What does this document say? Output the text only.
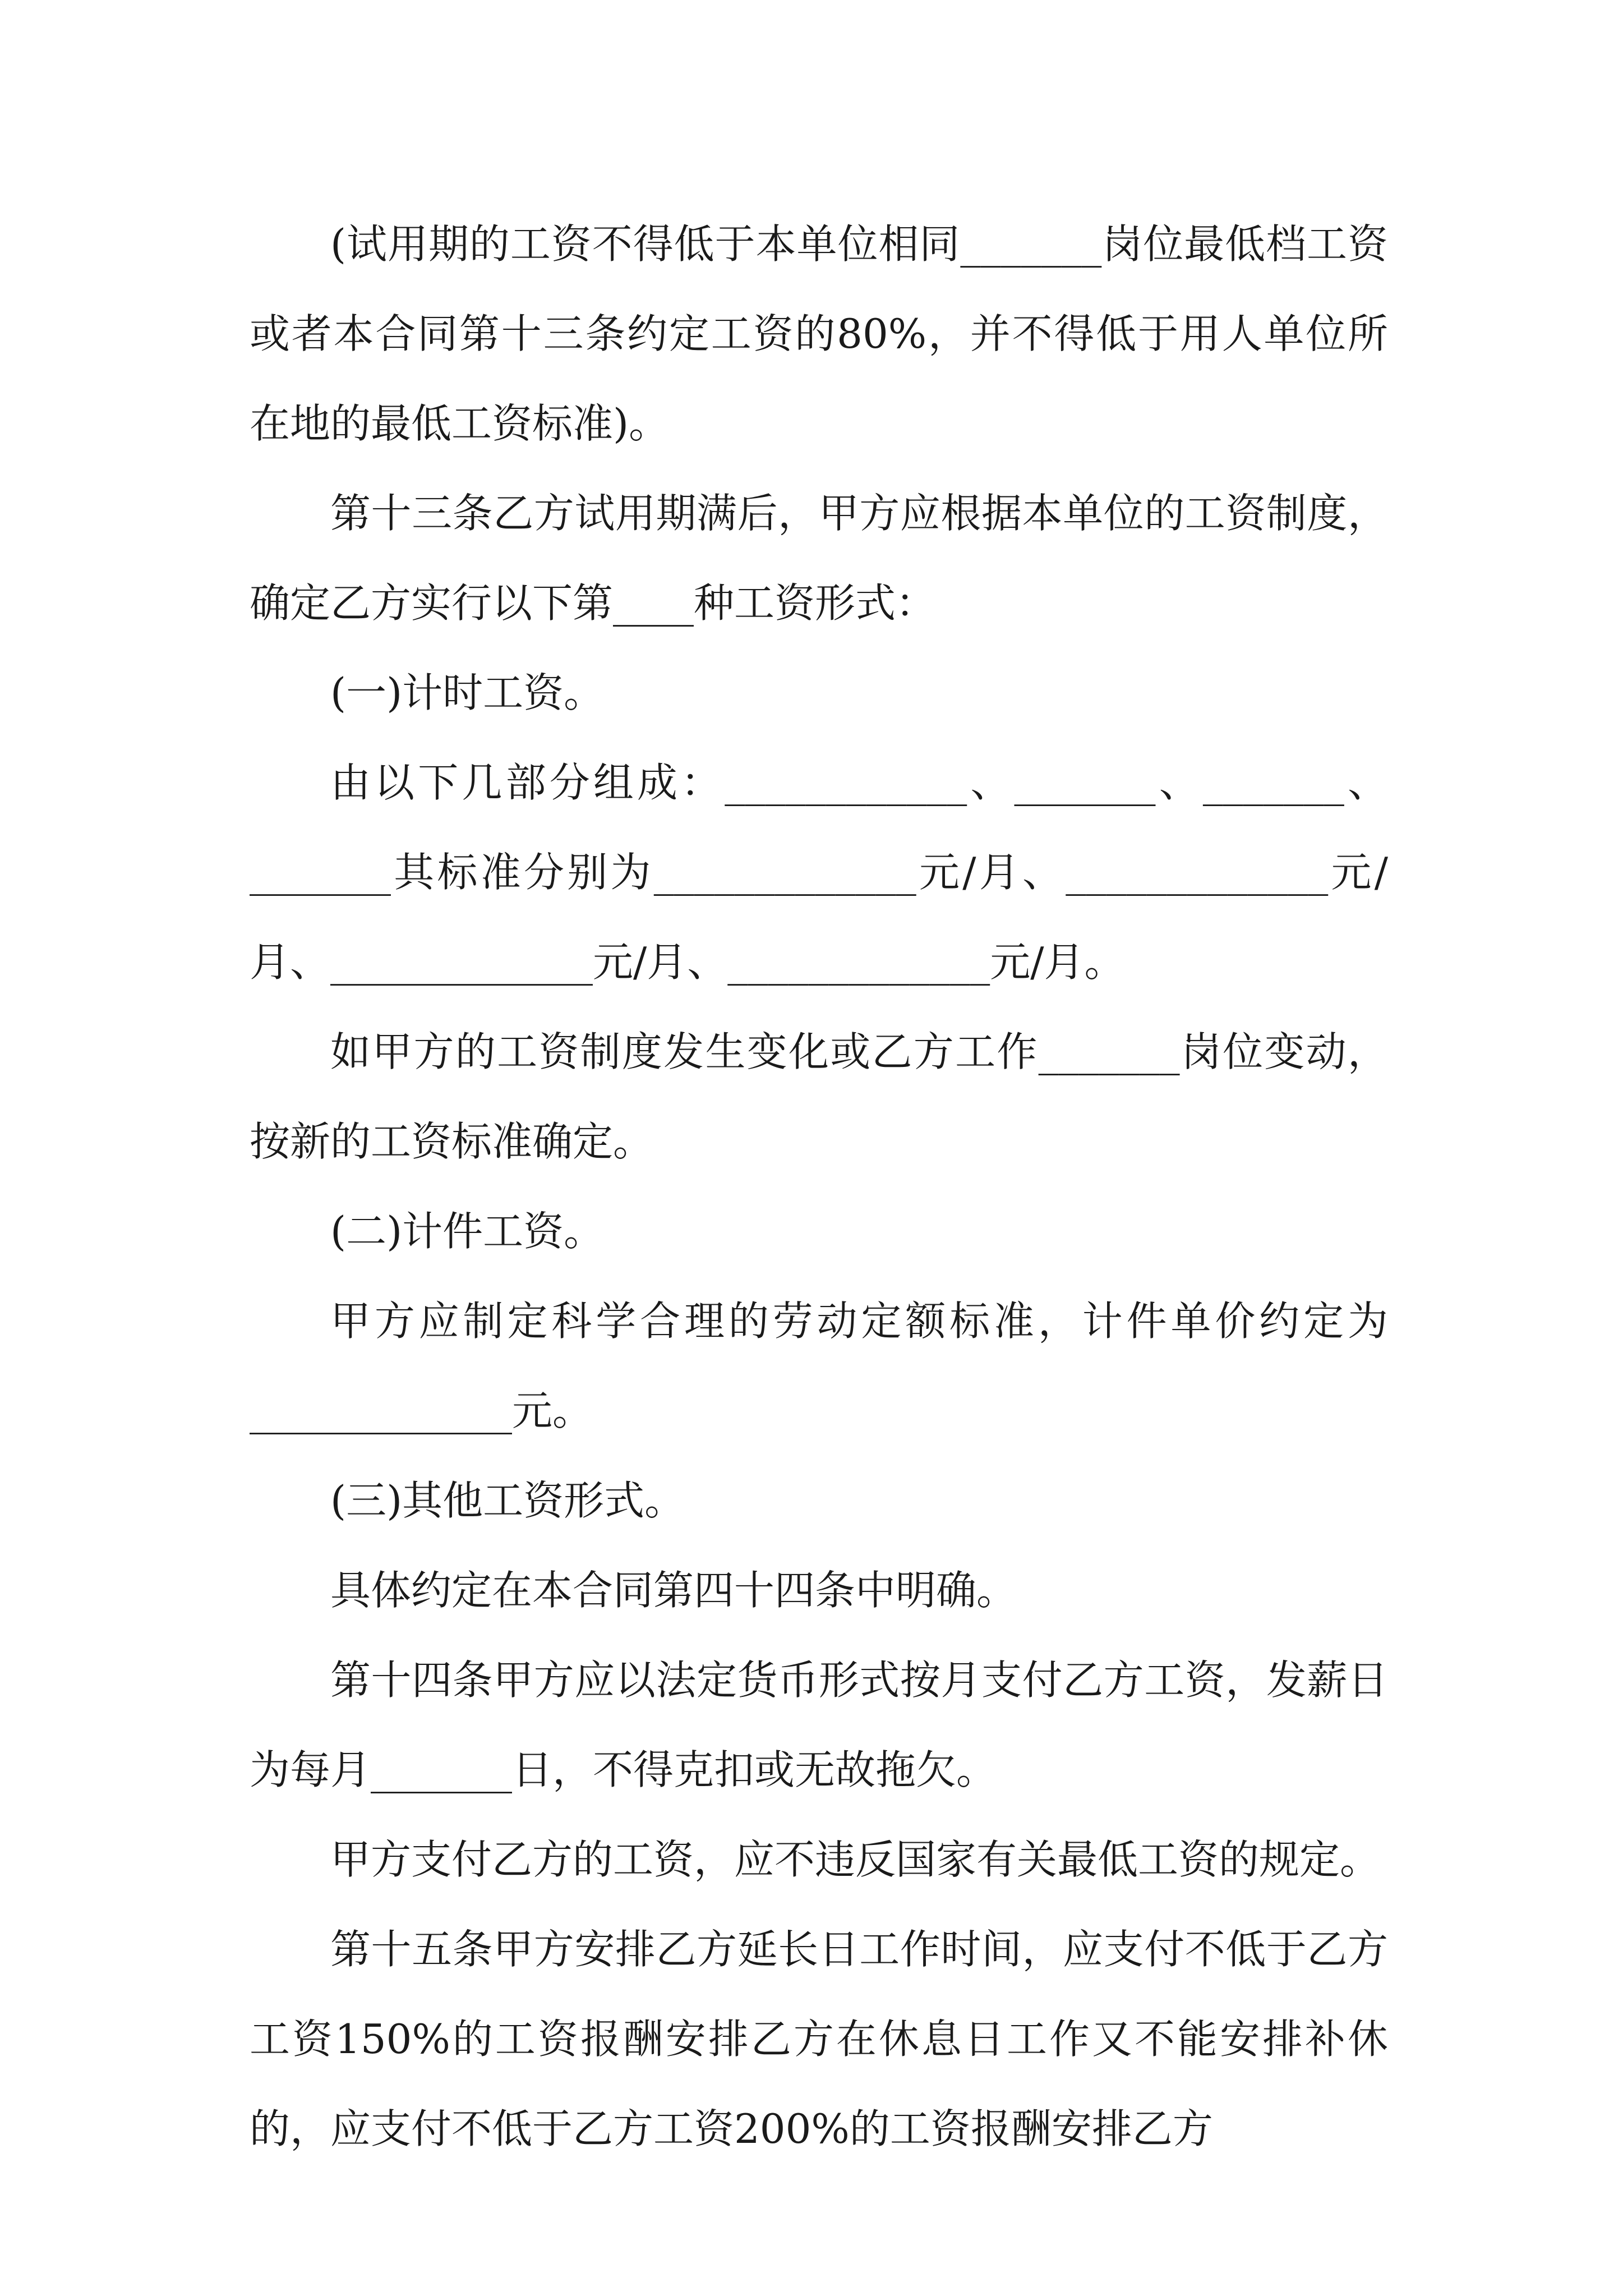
(试用期的工资不得低于本单位相同_______岗位最低档工资或者本合同第十三条约定工资的80%，并不得低于用人单位所在地的最低工资标准)。

第十三条乙方试用期满后，甲方应根据本单位的工资制度，确定乙方实行以下第____种工资形式：

(一)计时工资。

由以下几部分组成：____________、_______、_______、_______其标准分别为_____________元/月、_____________元/月、_____________元/月、_____________元/月。

如甲方的工资制度发生变化或乙方工作_______岗位变动，按新的工资标准确定。

(二)计件工资。

甲方应制定科学合理的劳动定额标准，计件单价约定为_____________元。

(三)其他工资形式。

具体约定在本合同第四十四条中明确。

第十四条甲方应以法定货币形式按月支付乙方工资，发薪日为每月_______日，不得克扣或无故拖欠。

甲方支付乙方的工资，应不违反国家有关最低工资的规定。

第十五条甲方安排乙方延长日工作时间，应支付不低于乙方工资150%的工资报酬安排乙方在休息日工作又不能安排补休的，应支付不低于乙方工资200%的工资报酬安排乙方
